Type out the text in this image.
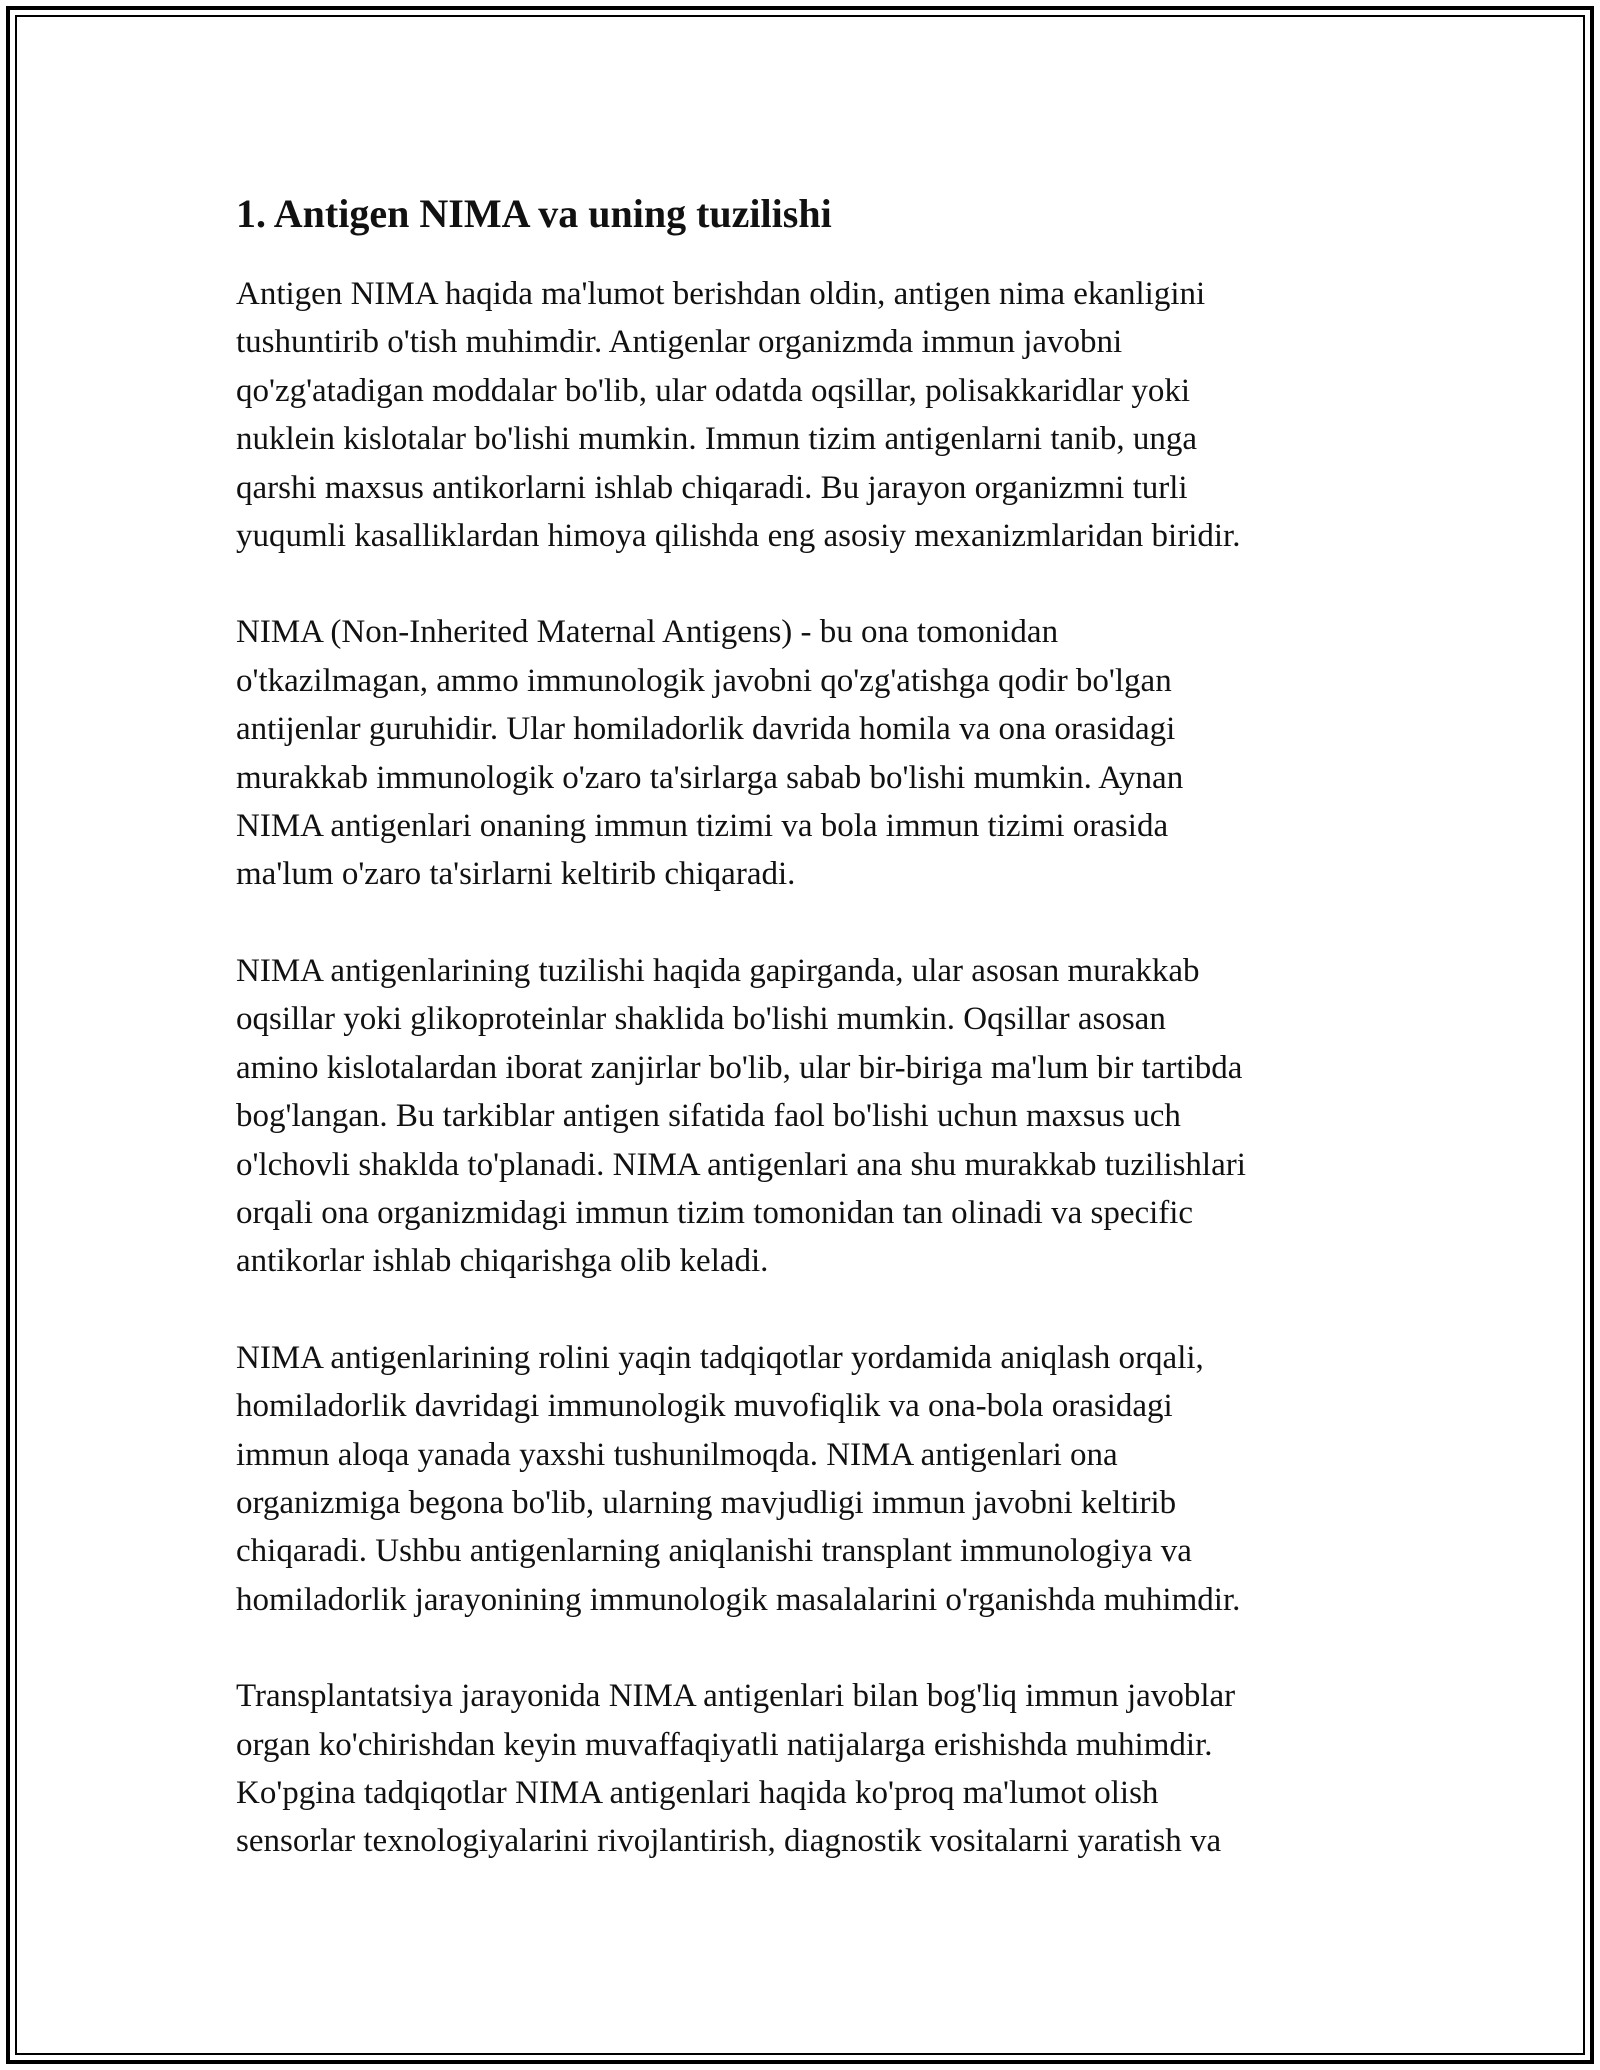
1. Antigen NIMA va uning tuzilishi

Antigen NIMA haqida ma'lumot berishdan oldin, antigen nima ekanligini
tushuntirib o'tish muhimdir. Antigenlar organizmda immun javobni
qo'zg'atadigan moddalar bo'lib, ular odatda oqsillar, polisakkaridlar yoki
nuklein kislotalar bo'lishi mumkin. Immun tizim antigenlarni tanib, unga
qarshi maxsus antikorlarni ishlab chiqaradi. Bu jarayon organizmni turli
yuqumli kasalliklardan himoya qilishda eng asosiy mexanizmlaridan biridir.

NIMA (Non-Inherited Maternal Antigens) - bu ona tomonidan
o'tkazilmagan, ammo immunologik javobni qo'zg'atishga qodir bo'lgan
antijenlar guruhidir. Ular homiladorlik davrida homila va ona orasidagi
murakkab immunologik o'zaro ta'sirlarga sabab bo'lishi mumkin. Aynan
NIMA antigenlari onaning immun tizimi va bola immun tizimi orasida
ma'lum o'zaro ta'sirlarni keltirib chiqaradi.

NIMA antigenlarining tuzilishi haqida gapirganda, ular asosan murakkab
oqsillar yoki glikoproteinlar shaklida bo'lishi mumkin. Oqsillar asosan
amino kislotalardan iborat zanjirlar bo'lib, ular bir-biriga ma'lum bir tartibda
bog'langan. Bu tarkiblar antigen sifatida faol bo'lishi uchun maxsus uch
o'lchovli shaklda to'planadi. NIMA antigenlari ana shu murakkab tuzilishlari
orqali ona organizmidagi immun tizim tomonidan tan olinadi va specific
antikorlar ishlab chiqarishga olib keladi.

NIMA antigenlarining rolini yaqin tadqiqotlar yordamida aniqlash orqali,
homiladorlik davridagi immunologik muvofiqlik va ona-bola orasidagi
immun aloqa yanada yaxshi tushunilmoqda. NIMA antigenlari ona
organizmiga begona bo'lib, ularning mavjudligi immun javobni keltirib
chiqaradi. Ushbu antigenlarning aniqlanishi transplant immunologiya va
homiladorlik jarayonining immunologik masalalarini o'rganishda muhimdir.

Transplantatsiya jarayonida NIMA antigenlari bilan bog'liq immun javoblar
organ ko'chirishdan keyin muvaffaqiyatli natijalarga erishishda muhimdir.
Ko'pgina tadqiqotlar NIMA antigenlari haqida ko'proq ma'lumot olish
sensorlar texnologiyalarini rivojlantirish, diagnostik vositalarni yaratish va
